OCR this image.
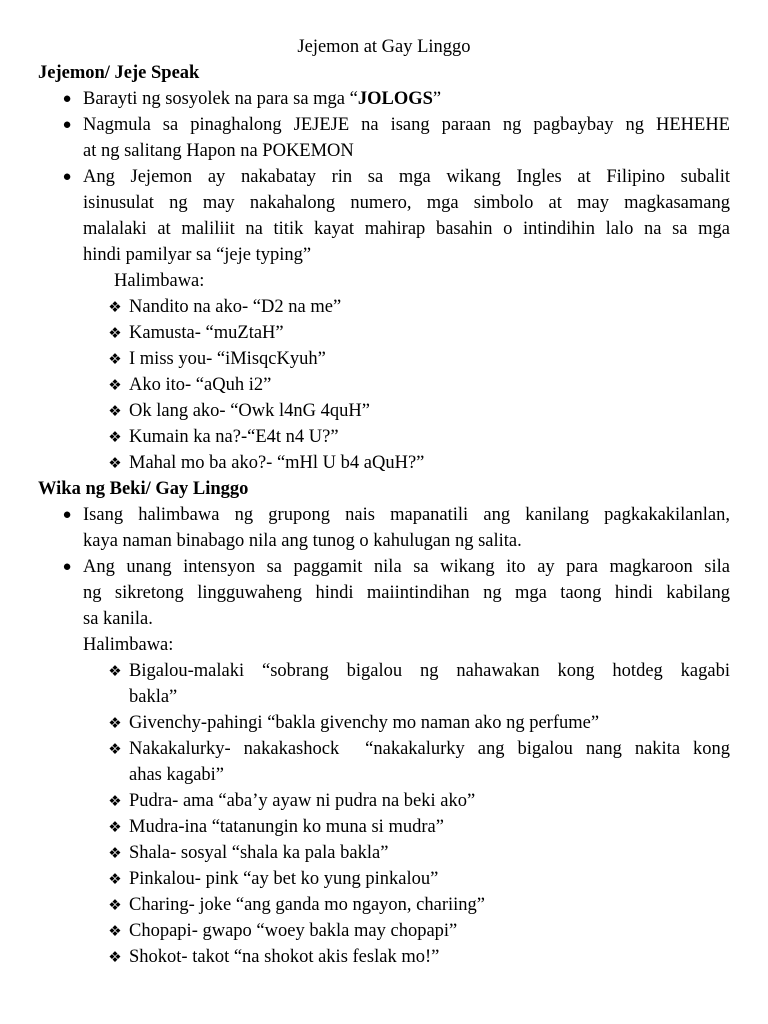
Jejemon at Gay Linggo
Jejemon/ Jeje Speak
● Barayti ng sosyolek na para sa mga “JOLOGS”
● Nagmula sa pinaghalong JEJEJE na isang paraan ng pagbaybay ng HEHEHE
at ng salitang Hapon na POKEMON
● Ang Jejemon ay nakabatay rin sa mga wikang Ingles at Filipino subalit
isinusulat ng may nakahalong numero, mga simbolo at may magkasamang
malalaki at maliliit na titik kayat mahirap basahin o intindihin lalo na sa mga
hindi pamilyar sa “jeje typing”
Halimbawa:
❖ Nandito na ako- “D2 na me”
❖ Kamusta- “muZtaH”
❖ I miss you- “iMisqcKyuh”
❖ Ako ito- “aQuh i2”
❖ Ok lang ako- “Owk l4nG 4quH”
❖ Kumain ka na?-“E4t n4 U?”
❖ Mahal mo ba ako?- “mHl U b4 aQuH?”
Wika ng Beki/ Gay Linggo
● Isang halimbawa ng grupong nais mapanatili ang kanilang pagkakakilanlan,
kaya naman binabago nila ang tunog o kahulugan ng salita.
● Ang unang intensyon sa paggamit nila sa wikang ito ay para magkaroon sila
ng sikretong lingguwaheng hindi maiintindihan ng mga taong hindi kabilang
sa kanila.
Halimbawa:
❖ Bigalou-malaki “sobrang bigalou ng nahawakan kong hotdeg kagabi
bakla”
❖ Givenchy-pahingi “bakla givenchy mo naman ako ng perfume”
❖ Nakakalurky- nakakashock  “nakakalurky ang bigalou nang nakita kong
ahas kagabi”
❖ Pudra- ama “aba’y ayaw ni pudra na beki ako”
❖ Mudra-ina “tatanungin ko muna si mudra”
❖ Shala- sosyal “shala ka pala bakla”
❖ Pinkalou- pink “ay bet ko yung pinkalou”
❖ Charing- joke “ang ganda mo ngayon, chariing”
❖ Chopapi- gwapo “woey bakla may chopapi”
❖ Shokot- takot “na shokot akis feslak mo!”
